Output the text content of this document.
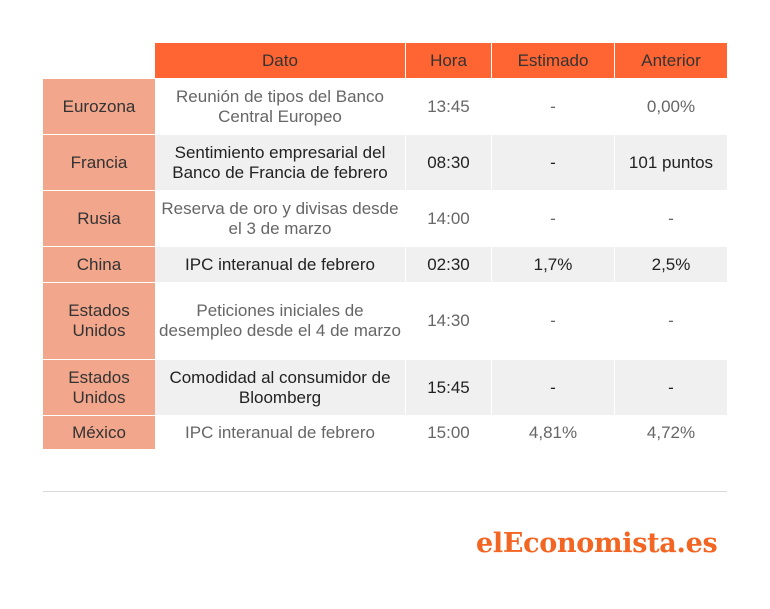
	Dato	Hora	Estimado	Anterior
Eurozona	Reunión de tipos del Banco Central Europeo	13:45	-	0,00%
Francia	Sentimiento empresarial del Banco de Francia de febrero	08:30	-	101 puntos
Rusia	Reserva de oro y divisas desde el 3 de marzo	14:00	-	-
China	IPC interanual de febrero	02:30	1,7%	2,5%
Estados Unidos	Peticiones iniciales de desempleo desde el 4 de marzo	14:30	-	-
Estados Unidos	Comodidad al consumidor de Bloomberg	15:45	-	-
México	IPC interanual de febrero	15:00	4,81%	4,72%
elEconomista.es
